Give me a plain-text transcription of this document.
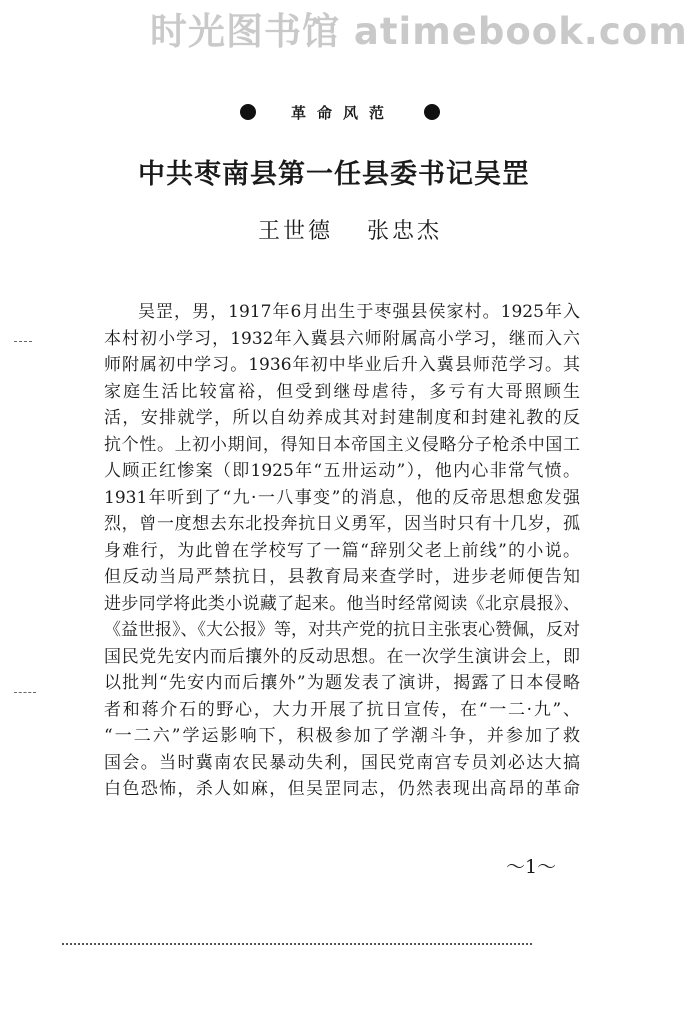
时光图书馆 atimebook.com
革命风范
中共枣南县第一任县委书记吴罡
王世德 张忠杰
吴罡，男，1917年6月出生于枣强县侯家村。1925年入
本村初小学习，1932年入冀县六师附属高小学习，继而入六
师附属初中学习。1936年初中毕业后升入冀县师范学习。其
家庭生活比较富裕，但受到继母虐待，多亏有大哥照顾生
活，安排就学，所以自幼养成其对封建制度和封建礼教的反
抗个性。上初小期间，得知日本帝国主义侵略分子枪杀中国工
人顾正红惨案（即1925年“五卅运动”），他内心非常气愤。
1931年听到了“九·一八事变”的消息，他的反帝思想愈发强
烈，曾一度想去东北投奔抗日义勇军，因当时只有十几岁，孤
身难行，为此曾在学校写了一篇“辞别父老上前线”的小说。
但反动当局严禁抗日，县教育局来查学时，进步老师便告知
进步同学将此类小说藏了起来。他当时经常阅读《北京晨报》、
《益世报》、《大公报》等，对共产党的抗日主张衷心赞佩，反对
国民党先安内而后攘外的反动思想。在一次学生演讲会上，即
以批判“先安内而后攘外”为题发表了演讲，揭露了日本侵略
者和蒋介石的野心，大力开展了抗日宣传，在“一二·九”、
“一二六”学运影响下，积极参加了学潮斗争，并参加了救
国会。当时冀南农民暴动失利，国民党南宫专员刘必达大搞
白色恐怖，杀人如麻，但吴罡同志，仍然表现出高昂的革命
～1～
